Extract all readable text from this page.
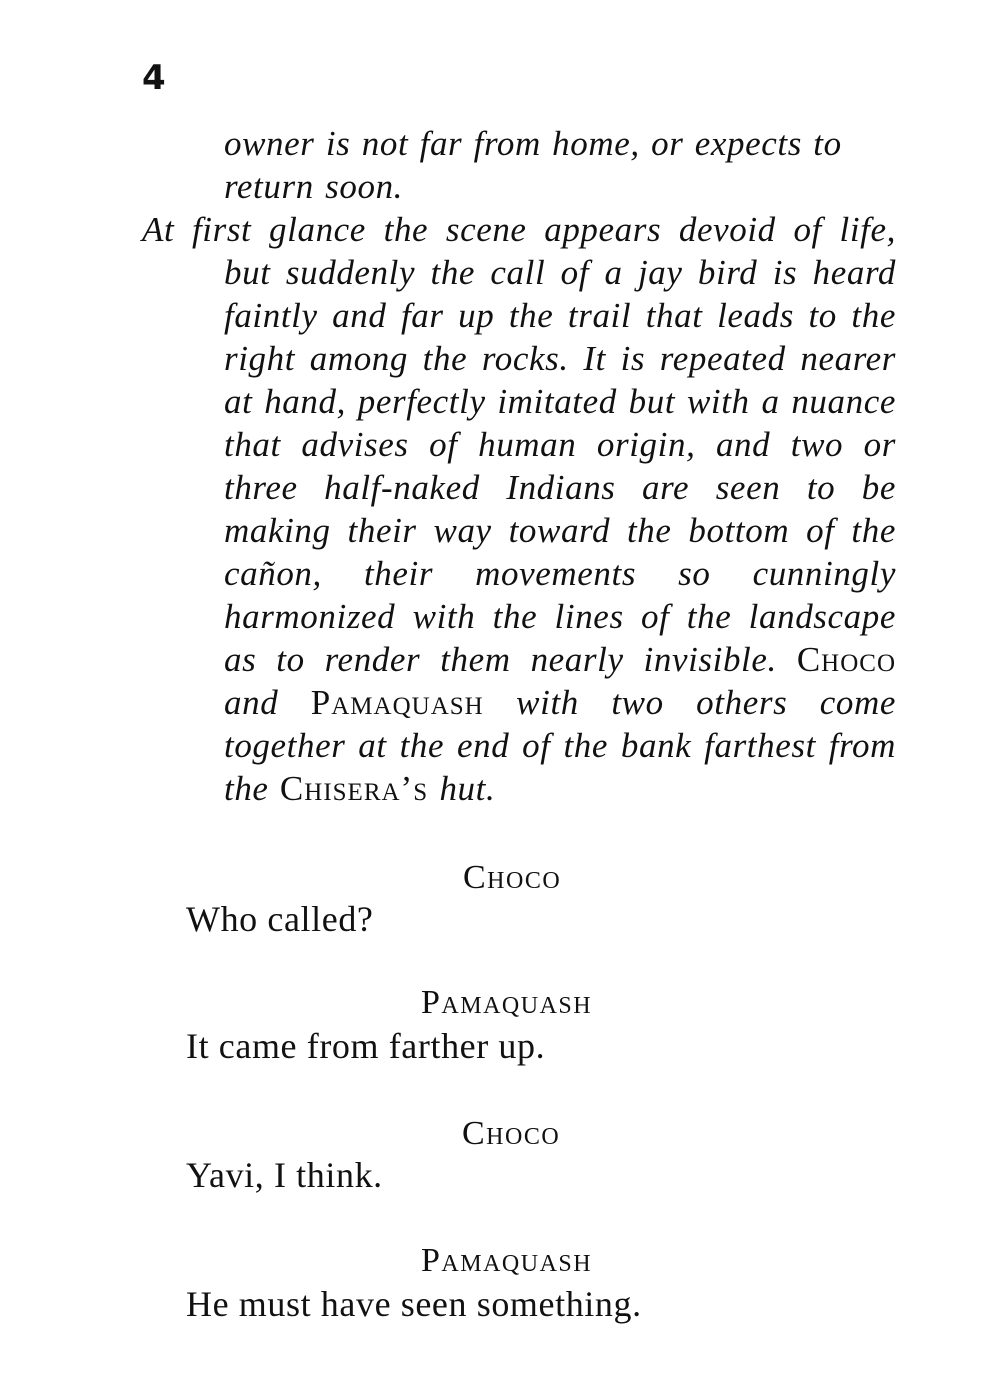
4
owner is not far from home, or expects to return soon.
At first glance the scene appears devoid of life, but suddenly the call of a jay bird is heard faintly and far up the trail that leads to the right among the rocks. It is repeated nearer at hand, perfectly imitated but with a nuance that advises of human origin, and two or three half-naked Indians are seen to be making their way toward the bottom of the cañon, their movements so cunningly harmonized with the lines of the landscape as to render them nearly invisible. Choco and Pamaquash with two others come together at the end of the bank farthest from the Chisera’s hut.
Choco
Who called?
Pamaquash
It came from farther up.
Choco
Yavi, I think.
Pamaquash
He must have seen something.
